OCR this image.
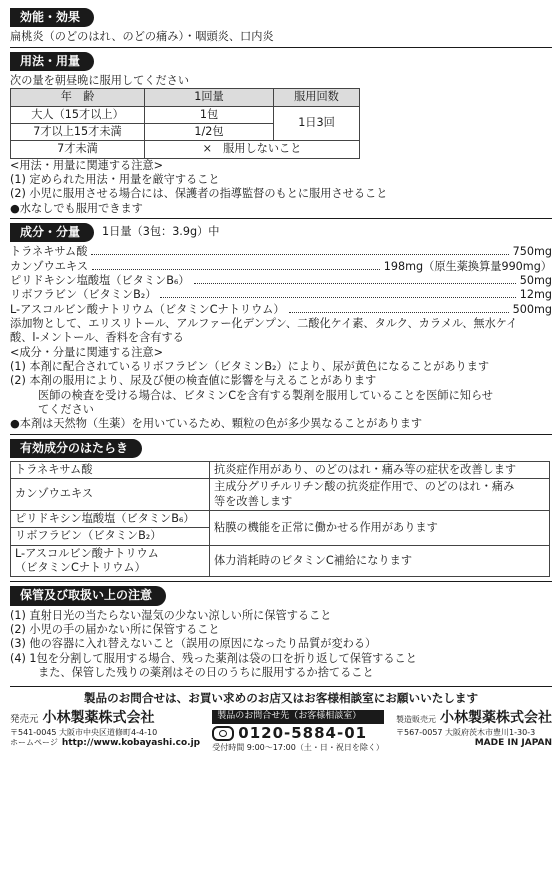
効能・効果
扁桃炎（のどのはれ、のどの痛み）・咽頭炎、口内炎
用法・用量
次の量を朝昼晩に服用してください
年　齢	1回量	服用回数
大人（15才以上）	1包	1日3回
7才以上15才未満	1/2包	
7才未満	×　服用しないこと	
<用法・用量に関連する注意>
(1) 定められた用法・用量を厳守すること
(2) 小児に服用させる場合には、保護者の指導監督のもとに服用させること
●水なしでも服用できます
成分・分量	1日量（3包：3.9g）中
トラネキサム酸	750mg
カンゾウエキス	198mg（原生薬換算量990mg）
ピリドキシン塩酸塩（ビタミンB₆）	50mg
リボフラビン（ビタミンB₂）	12mg
L-アスコルビン酸ナトリウム（ビタミンCナトリウム）	500mg
添加物として、エリスリトール、アルファー化デンプン、二酸化ケイ素、タルク、カラメル、無水ケイ
酸、l-メントール、香料を含有する
<成分・分量に関連する注意>
(1) 本剤に配合されているリボフラビン（ビタミンB₂）により、尿が黄色になることがあります
(2) 本剤の服用により、尿及び便の検査値に影響を与えることがあります
医師の検査を受ける場合は、ビタミンCを含有する製剤を服用していることを医師に知らせ
てください
●本剤は天然物（生薬）を用いているため、顆粒の色が多少異なることがあります
有効成分のはたらき
トラネキサム酸	抗炎症作用があり、のどのはれ・痛み等の症状を改善します
カンゾウエキス	主成分グリチルリチン酸の抗炎症作用で、のどのはれ・痛み
等を改善します

ピリドキシン塩酸塩（ビタミンB₆）
リボフラビン（ビタミンB₂）	粘膜の機能を正常に働かせる作用があります

L-アスコルビン酸ナトリウム
（ビタミンCナトリウム）	体力消耗時のビタミンC補給になります
保管及び取扱い上の注意
(1) 直射日光の当たらない湿気の少ない涼しい所に保管すること
(2) 小児の手の届かない所に保管すること
(3) 他の容器に入れ替えないこと（誤用の原因になったり品質が変わる）
(4) 1包を分割して服用する場合、残った薬剤は袋の口を折り返して保管すること
また、保管した残りの薬剤はその日のうちに服用するか捨てること
製品のお問合せは、お買い求めのお店又はお客様相談室にお願いいたします
発売元 小林製薬株式会社
〒541-0045 大阪市中央区道修町4-4-10
ホームページ http://www.kobayashi.co.jp
製品のお問合せ先（お客様相談室）
0120-5884-01
受付時間 9:00〜17:00（土・日・祝日を除く）
製造販売元 小林製薬株式会社
〒567-0057 大阪府茨木市豊川1-30-3
MADE IN JAPAN
